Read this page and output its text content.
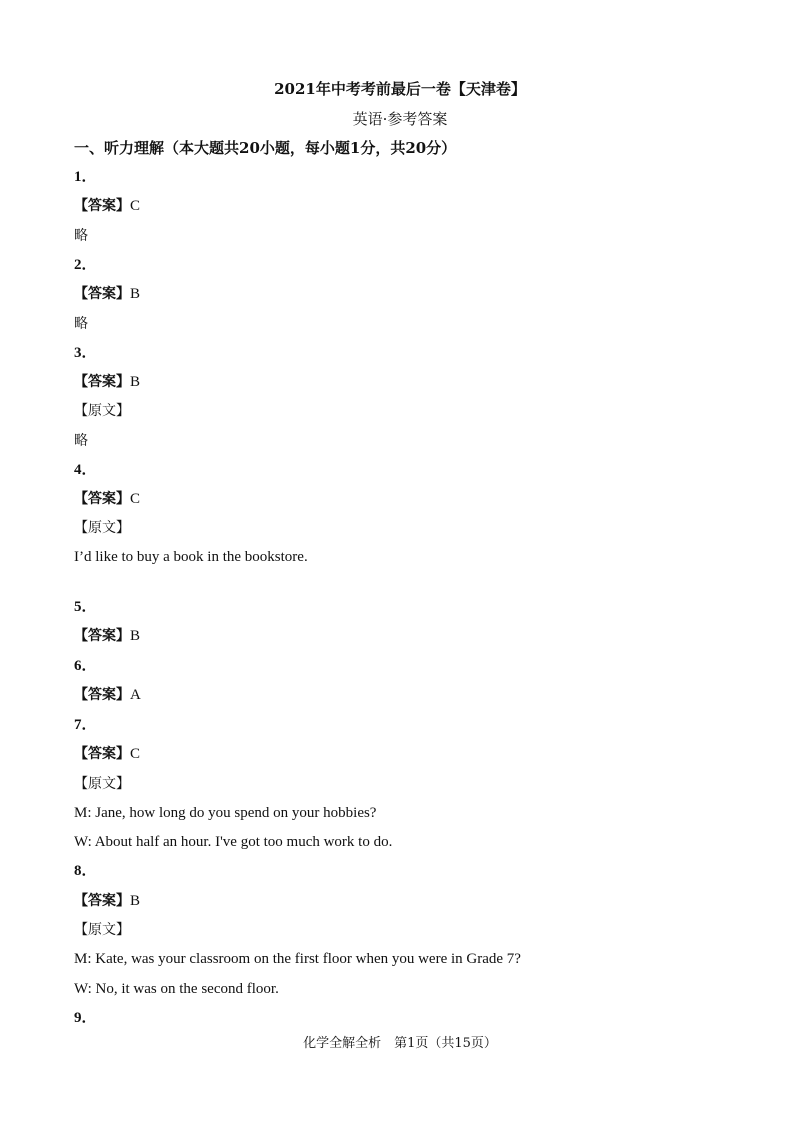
2021年中考考前最后一卷【天津卷】
英语·参考答案
一、听力理解（本大题共20小题，每小题1分，共20分）
1．
【答案】C
略
2．
【答案】B
略
3．
【答案】B
【原文】
略
4．
【答案】C
【原文】
I’d like to buy a book in the bookstore.
5．
【答案】B
6．
【答案】A
7．
【答案】C
【原文】
M: Jane, how long do you spend on your hobbies?
W: About half an hour. I've got too much work to do.
8．
【答案】B
【原文】
M: Kate, was your classroom on the first floor when you were in Grade 7?
W: No, it was on the second floor.
9．
化学全解全析　第1页（共15页）
